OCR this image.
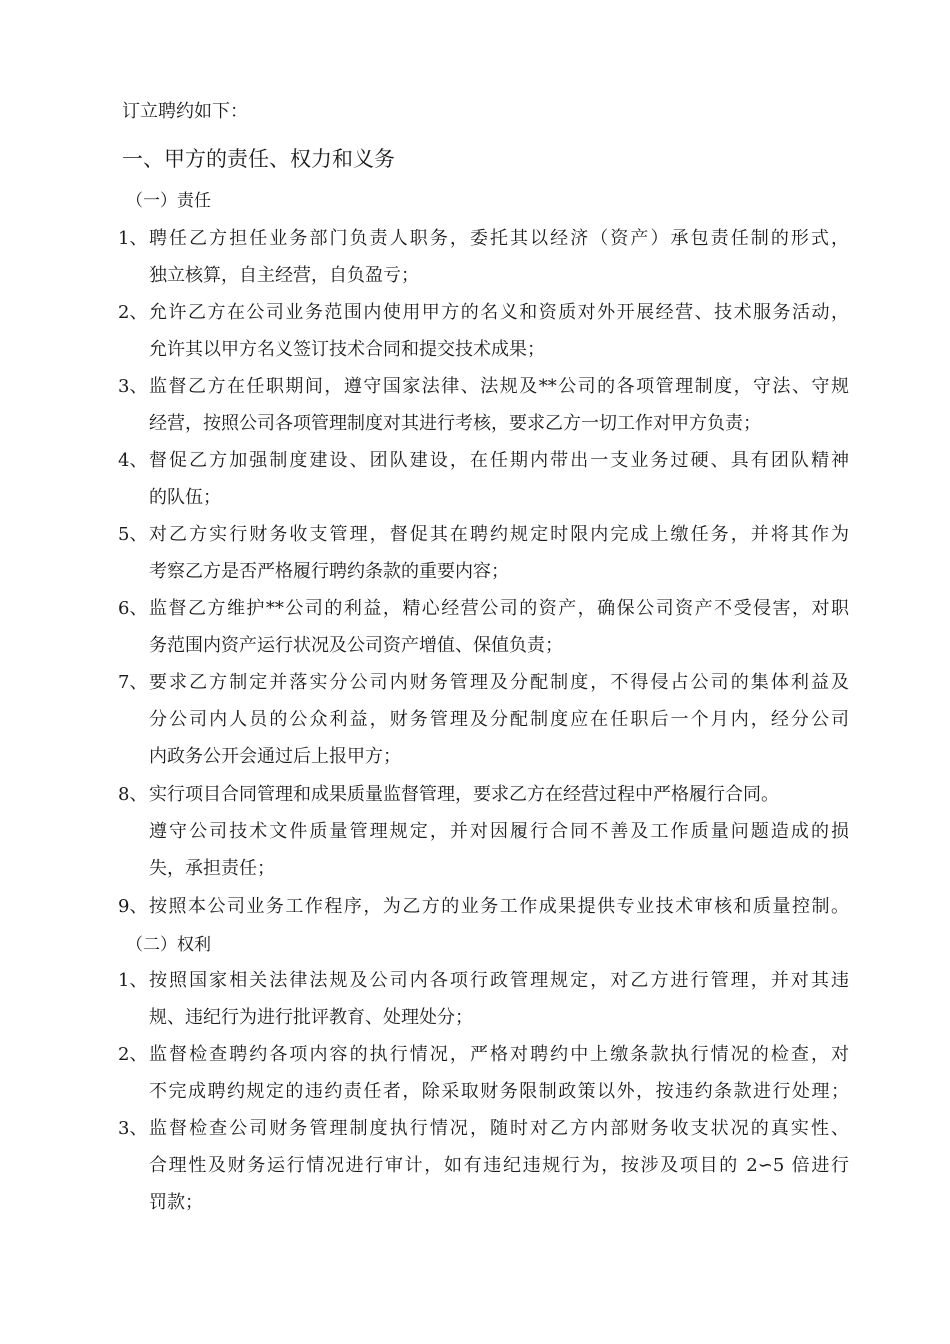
订立聘约如下：
一、甲方的责任、权力和义务
（一）责任
1、 聘任乙方担任业务部门负责人职务，委托其以经济（资产）承包责任制的形式，
独立核算，自主经营，自负盈亏；
2、 允许乙方在公司业务范围内使用甲方的名义和资质对外开展经营、技术服务活动，
允许其以甲方名义签订技术合同和提交技术成果；
3、 监督乙方在任职期间，遵守国家法律、法规及**公司的各项管理制度，守法、守规
经营，按照公司各项管理制度对其进行考核，要求乙方一切工作对甲方负责；
4、 督促乙方加强制度建设、团队建设，在任期内带出一支业务过硬、具有团队精神
的队伍；
5、 对乙方实行财务收支管理，督促其在聘约规定时限内完成上缴任务，并将其作为
考察乙方是否严格履行聘约条款的重要内容；
6、 监督乙方维护**公司的利益，精心经营公司的资产，确保公司资产不受侵害，对职
务范围内资产运行状况及公司资产增值、保值负责；
7、 要求乙方制定并落实分公司内财务管理及分配制度，不得侵占公司的集体利益及
分公司内人员的公众利益，财务管理及分配制度应在任职后一个月内，经分公司
内政务公开会通过后上报甲方；
8、 实行项目合同管理和成果质量监督管理，要求乙方在经营过程中严格履行合同。
遵守公司技术文件质量管理规定，并对因履行合同不善及工作质量问题造成的损
失，承担责任；
9、 按照本公司业务工作程序，为乙方的业务工作成果提供专业技术审核和质量控制。
（二）权利
1、 按照国家相关法律法规及公司内各项行政管理规定，对乙方进行管理，并对其违
规、违纪行为进行批评教育、处理处分；
2、 监督检查聘约各项内容的执行情况，严格对聘约中上缴条款执行情况的检查，对
不完成聘约规定的违约责任者，除采取财务限制政策以外，按违约条款进行处理；
3、 监督检查公司财务管理制度执行情况，随时对乙方内部财务收支状况的真实性、
合理性及财务运行情况进行审计，如有违纪违规行为，按涉及项目的 2∽5 倍进行
罚款；
